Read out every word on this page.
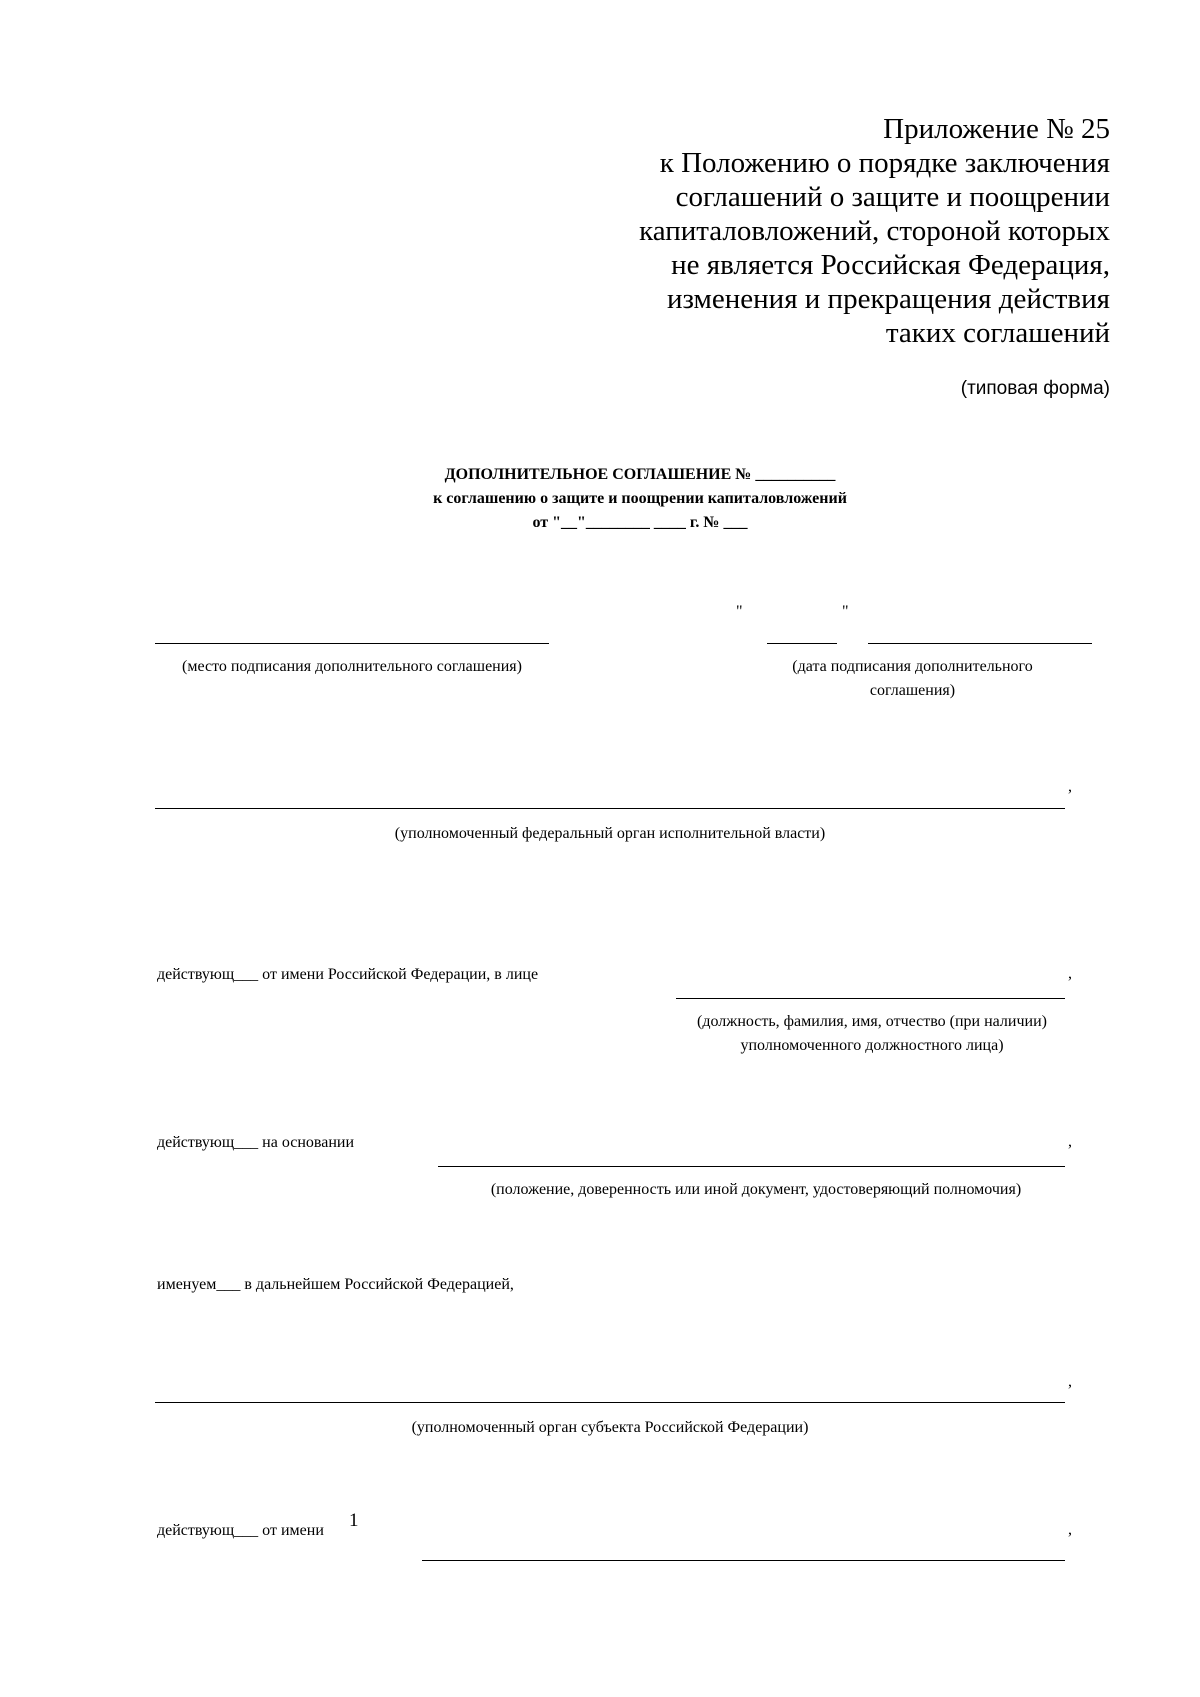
Приложение № 25
к Положению о порядке заключения
соглашений о защите и поощрении
капиталовложений, стороной которых
не является Российская Федерация,
изменения и прекращения действия
таких соглашений
(типовая форма)
ДОПОЛНИТЕЛЬНОЕ СОГЛАШЕНИЕ № __________
к соглашению о защите и поощрении капиталовложений
от "__"________ ____ г. № ___
"	"
(место подписания дополнительного соглашения)	(дата подписания дополнительного соглашения)
,
(уполномоченный федеральный орган исполнительной власти)
действующ___ от имени Российской Федерации, в лице	,
(должность, фамилия, имя, отчество (при наличии) уполномоченного должностного лица)
действующ___ на основании	,
(положение, доверенность или иной документ, удостоверяющий полномочия)
именуем___ в дальнейшем Российской Федерацией,
,
(уполномоченный орган субъекта Российской Федерации)
действующ___ от имени 1	,
